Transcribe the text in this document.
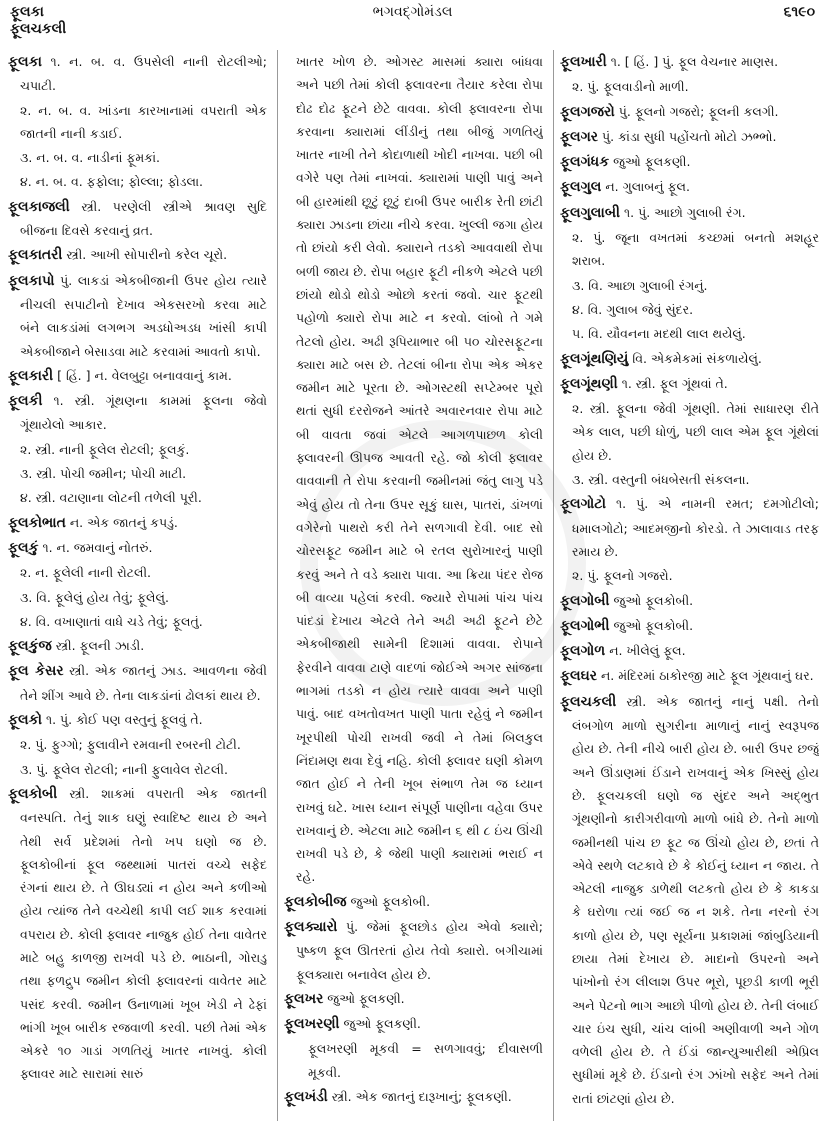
ફૂલકા
ફૂલચકલી
ભગવદ્ગોમંડલ	૬૧૯૦
ફૂલકા ૧. ન. બ. વ. ઉપસેલી નાની રોટલીઓ; ચપાટી.
૨. ન. બ. વ. ખાંડના કારખાનામાં વપરાતી એક જાતની નાની કડાઈ.
૩. ન. બ. વ. નાડીનાં ફૂમકાં.
૪. ન. બ. વ. ફફોલા; ફોલ્લા; ફોડલા.
ફૂલકાજલી સ્ત્રી. પરણેલી સ્ત્રીએ શ્રાવણ સુદિ બીજના દિવસે કરવાનું વ્રત.
ફૂલકાતરી સ્ત્રી. આખી સોપારીનો કરેલ ચૂરો.
ફૂલકાપો પું. લાકડાં એકબીજાની ઉપર હોય ત્યારે નીચલી સપાટીનો દેખાવ એકસરખો કરવા માટે બંને લાકડાંમાં લગભગ અડધોઅડધ ખાંસી કાપી એકબીજાને બેસાડવા માટે કરવામાં આવતો કાપો.
ફૂલકારી [ હિં. ] ન. વેલબુટ્ટા બનાવવાનું કામ.
ફૂલકી ૧. સ્ત્રી. ગૂંથણના કામમાં ફૂલના જેવો ગૂંથાયેલો આકાર.
૨. સ્ત્રી. નાની ફૂલેલ રોટલી; ફૂલકું.
૩. સ્ત્રી. પોચી જમીન; પોચી માટી.
૪. સ્ત્રી. વટાણાના લોટની તળેલી પૂરી.
ફૂલકોભાત ન. એક જાતનું કપડું.
ફૂલકું ૧. ન. જમવાનું નોતરું.
૨. ન. ફૂલેલી નાની રોટલી.
૩. વિ. ફૂલેલું હોય તેવું; ફૂલેલું.
૪. વિ. વખાણાતાં વાધે ચડે તેવું; ફૂલતું.
ફૂલકુંજ સ્ત્રી. ફૂલની ઝાડી.
ફૂલ કેસર સ્ત્રી. એક જાતનું ઝાડ. આવળના જેવી તેને શીંગ આવે છે. તેના લાકડાંનાં ઢોલકાં થાય છે.
ફૂલકો ૧. પું. કોઈ પણ વસ્તુનું ફૂલવું તે.
૨. પું. ફુગ્ગો; ફુલાવીને રમવાની રબરની ટોટી.
૩. પું. ફૂલેલ રોટલી; નાની ફુલાવેલ રોટલી.
ફૂલકોબી સ્ત્રી. શાકમાં વપરાતી એક જાતની વનસ્પતિ. તેનું શાક ઘણું સ્વાદિષ્ટ થાય છે અને તેથી સર્વ પ્રદેશમાં તેનો ખપ ઘણો જ છે. ફૂલકોબીનાં ફૂલ જથ્થામાં પાતરાં વચ્ચે સફેદ રંગનાં થાય છે. તે ઊઘડ્યાં ન હોય અને કળીઓ હોય ત્યાંજ તેને વચ્ચેથી કાપી લઈ શાક કરવામાં વપરાય છે. કોલી ફ્લાવર નાજુક હોઈ તેના વાવેતર માટે બહુ કાળજી રાખવી પડે છે. ભાઠાની, ગોરાડુ તથા ફળદ્રુપ જમીન કોલી ફ્લાવરનાં વાવેતર માટે પસંદ કરવી. જમીન ઉનાળામાં ખૂબ ખેડી ને ઢેફાં ભાંગી ખૂબ બારીક રજવાળી કરવી. પછી તેમાં એક એકરે ૧૦ ગાડાં ગળતિયું ખાતર નાખવું. કોલી ફ્લાવર માટે સારામાં સારું
ખાતર ખોળ છે. ઓગસ્ટ માસમાં ક્યારા બાંધવા અને પછી તેમાં કોલી ફ્લાવરના તૈયાર કરેલા રોપા દોઢ દોઢ ફૂટને છેટે વાવવા. કોલી ફ્લાવરના રોપા કરવાના ક્યારામાં લીંડીનું તથા બીજું ગળતિયું ખાતર નાખી તેને કોદાળાથી ખોદી નાખવા. પછી બી વગેરે પણ તેમાં નાખવાં. ક્યારામાં પાણી પાવું અને બી હારમાંથી છૂટું છૂટું દાબી ઉપર બારીક રેતી છાંટી ક્યારા ઝાડના છાંયા નીચે કરવા. ખુલ્લી જગા હોય તો છાંયો કરી લેવો. ક્યારાને તડકો આવવાથી રોપા બળી જાય છે. રોપા બહાર ફૂટી નીકળે એટલે પછી છાંયો થોડો થોડો ઓછો કરતાં જવો. ચાર ફૂટથી પહોળો ક્યારો રોપા માટે ન કરવો. લાંબો તે ગમે તેટલો હોય. અઢી રૂપિયાભાર બી ૫૦ ચોરસફૂટના ક્યારા માટે બસ છે. તેટલાં બીના રોપા એક એકર જમીન માટે પૂરતા છે. ઓગસ્ટથી સપ્ટેમ્બર પૂરો થતાં સુધી દરરોજને આંતરે અવારનવાર રોપા માટે બી વાવતા જવાં એટલે આગળપાછળ કોલી ફ્લાવરની ઊપજ આવતી રહે. જો કોલી ફ્લાવર વાવવાની તે રોપા કરવાની જમીનમાં જંતુ લાગુ પડે એવું હોય તો તેના ઉપર સૂકું ઘાસ, પાતરાં, ડાંખળાં વગેરેનો પાથરો કરી તેને સળગાવી દેવી. બાદ સો ચોરસફૂટ જમીન માટે બે રતલ સુરોખારનું પાણી કરવું અને તે વડે ક્યારા પાવા. આ ક્રિયા પંદર રોજ બી વાવ્યા પહેલાં કરવી. જ્યારે રોપામાં પાંચ પાંચ પાંદડાં દેખાય એટલે તેને અઢી અઢી ફૂટને છેટે એકબીજાથી સામેની દિશામાં વાવવા. રોપાને ફેરવીને વાવવા ટાણે વાદળાં જોઈએ અગર સાંજના ભાગમાં તડકો ન હોય ત્યારે વાવવા અને પાણી પાવું. બાદ વખતોવખત પાણી પાતા રહેવું ને જમીન ખૂરપીથી પોચી રાખવી જવી ને તેમાં બિલકુલ નિંદામણ થવા દેવું નહિ. કોલી ફ્લાવર ઘણી કોમળ જાત હોઈ ને તેની ખૂબ સંભાળ તેમ જ ધ્યાન રાખવું ઘટે. ખાસ ધ્યાન સંપૂર્ણ પાણીના વહેવા ઉપર રાખવાનું છે. એટલા માટે જમીન ૬ થી ૮ ઇંચ ઊંચી રાખવી પડે છે, કે જેથી પાણી ક્યારામાં ભરાઈ ન રહે.
ફૂલકોબીજ જુઓ ફૂલકોબી.
ફૂલક્યારો પું. જેમાં ફૂલછોડ હોય એવો ક્યારો; પુષ્કળ ફૂલ ઊતરતાં હોય તેવો ક્યારો. બગીચામાં ફૂલક્યારા બનાવેલ હોય છે.
ફૂલખર જુઓ ફૂલકણી.
ફૂલખરણી જુઓ ફૂલકણી.
ફૂલખરણી મૂકવી = સળગાવવું; દીવાસળી મૂકવી.
ફૂલખંડી સ્ત્રી. એક જાતનું દારૂખાનું; ફૂલકણી.
ફૂલખારી ૧. [ હિં. ] પું. ફૂલ વેચનાર માણસ.
૨. પું. ફૂલવાડીનો માળી.
ફૂલગજરો પું. ફૂલનો ગજરો; ફૂલની કલગી.
ફૂલગર પું. કાંડા સુધી પહોંચતો મોટો ઝભ્ભો.
ફૂલગંધક જુઓ ફૂલકણી.
ફૂલગુલ ન. ગુલાબનું ફૂલ.
ફૂલગુલાબી ૧. પું. આછો ગુલાબી રંગ.
૨. પું. જૂના વખતમાં કચ્છમાં બનતો મશહૂર શરાબ.
૩. વિ. આછા ગુલાબી રંગનું.
૪. વિ. ગુલાબ જેવું સુંદર.
૫. વિ. યૌવનના મદથી લાલ થયેલું.
ફૂલગૂંથણિયું વિ. એકમેકમાં સંકળાયેલું.
ફૂલગૂંથણી ૧. સ્ત્રી. ફૂલ ગૂંથવાં તે.
૨. સ્ત્રી. ફૂલના જેવી ગૂંથણી. તેમાં સાધારણ રીતે એક લાલ, પછી ધોળું, પછી લાલ એમ ફૂલ ગૂંથેલાં હોય છે.
૩. સ્ત્રી. વસ્તુની બંધબેસતી સંકલના.
ફૂલગોટો ૧. પું. એ નામની રમત; દમગોટીલો; ધમાલગોટો; આદમજીનો કોરડો. તે ઝાલાવાડ તરફ રમાય છે.
૨. પું. ફૂલનો ગજરો.
ફૂલગોબી જુઓ ફૂલકોબી.
ફૂલગોભી જુઓ ફૂલકોબી.
ફૂલગોળ ન. ખીલેલું ફૂલ.
ફૂલઘર ન. મંદિરમાં ઠાકોરજી માટે ફૂલ ગૂંથવાનું ઘર.
ફૂલચકલી સ્ત્રી. એક જાતનું નાનું પક્ષી. તેનો લંબગોળ માળો સુગરીના માળાનું નાનું સ્વરૂપજ હોય છે. તેની નીચે બારી હોય છે. બારી ઉપર છજું અને ઊંડાણમાં ઈંડાને રાખવાનું એક ખિસ્સું હોય છે. ફૂલચકલી ઘણો જ સુંદર અને અદ્ભુત ગૂંથણીનો કારીગરીવાળો માળો બાંધે છે. તેનો માળો જમીનથી પાંચ છ ફૂટ જ ઊંચો હોય છે, છતાં તે એવે સ્થળે લટકાવે છે કે કોઈનું ધ્યાન ન જાય. તે એટલી નાજુક ડાળેથી લટકતો હોય છે કે કાકડા કે ઘરોળા ત્યાં જઈ જ ન શકે. તેના નરનો રંગ કાળો હોય છે, પણ સૂર્યના પ્રકાશમાં જાંબુડિયાની છાયા તેમાં દેખાય છે. માદાનો ઉપરનો અને પાંખોનો રંગ લીલાશ ઉપર ભૂરો, પૂછડી કાળી ભૂરી અને પેટનો ભાગ આછો પીળો હોય છે. તેની લંબાઈ ચાર ઇંચ સુધી, ચાંચ લાંબી અણીવાળી અને ગોળ વળેલી હોય છે. તે ઈંડાં જાન્યુઆરીથી એપ્રિલ સુધીમાં મૂકે છે. ઈંડાનો રંગ ઝાંખો સફેદ અને તેમાં રાતાં છાંટણાં હોય છે.
